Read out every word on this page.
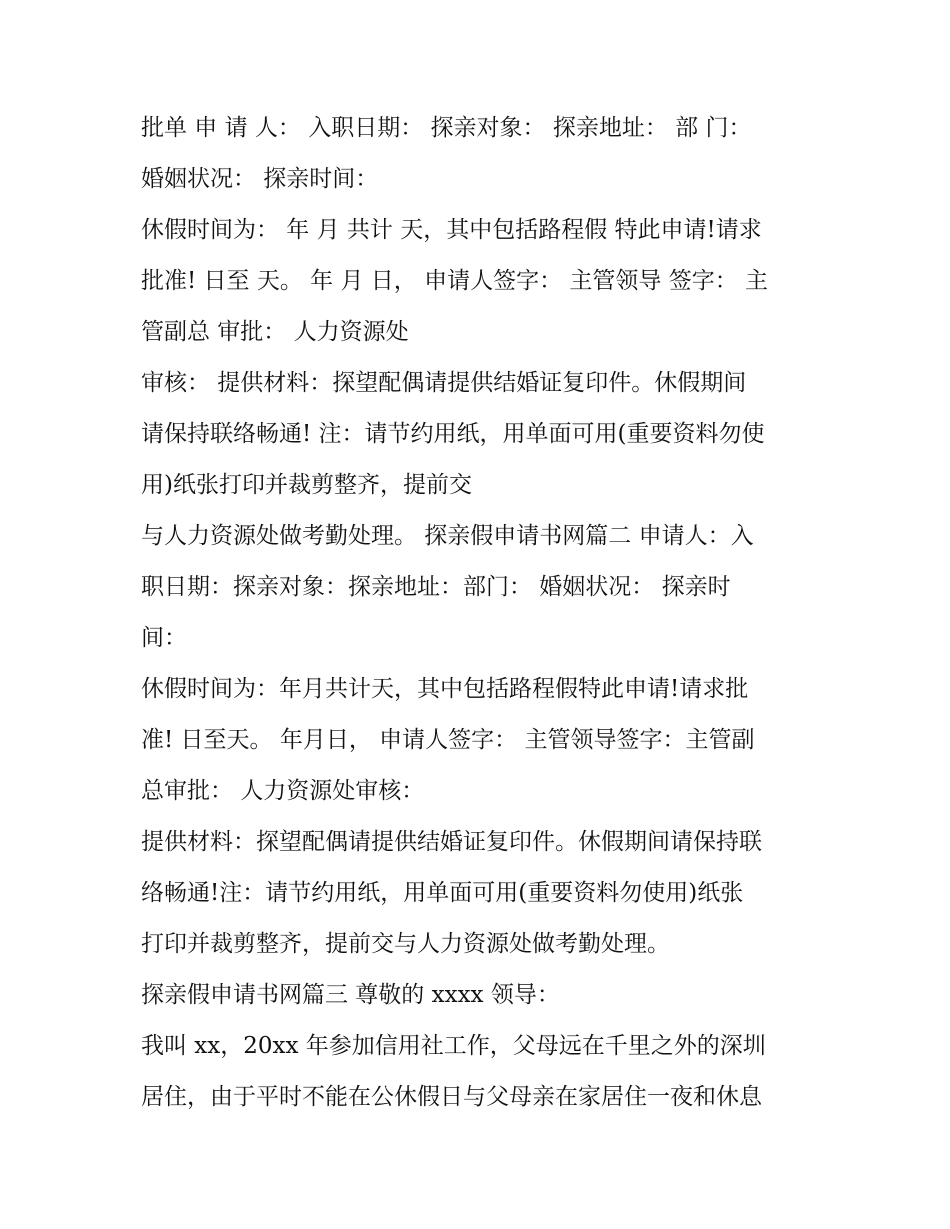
批单 申 请 人： 入职日期： 探亲对象： 探亲地址： 部 门：
婚姻状况： 探亲时间：
休假时间为： 年 月 共计 天，其中包括路程假 特此申请!请求
批准! 日至 天。 年 月 日， 申请人签字： 主管领导 签字： 主
管副总 审批： 人力资源处
审核： 提供材料：探望配偶请提供结婚证复印件。休假期间
请保持联络畅通! 注：请节约用纸，用单面可用(重要资料勿使
用)纸张打印并裁剪整齐，提前交
与人力资源处做考勤处理。 探亲假申请书网篇二 申请人：入
职日期：探亲对象：探亲地址：部门： 婚姻状况： 探亲时
间：
休假时间为：年月共计天，其中包括路程假特此申请!请求批
准! 日至天。 年月日， 申请人签字： 主管领导签字：主管副
总审批： 人力资源处审核：
提供材料：探望配偶请提供结婚证复印件。休假期间请保持联
络畅通!注：请节约用纸，用单面可用(重要资料勿使用)纸张
打印并裁剪整齐，提前交与人力资源处做考勤处理。
探亲假申请书网篇三 尊敬的 xxxx 领导：
我叫 xx，20xx 年参加信用社工作，父母远在千里之外的深圳
居住，由于平时不能在公休假日与父母亲在家居住一夜和休息
